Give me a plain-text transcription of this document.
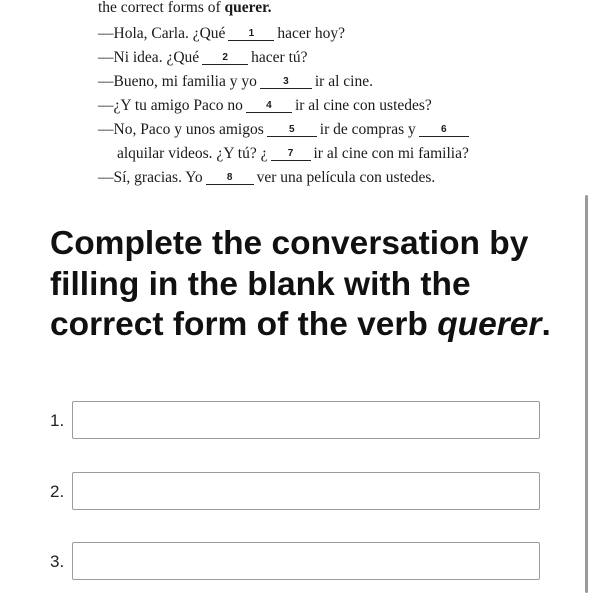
the correct forms of querer.
—Hola, Carla. ¿Qué 1 hacer hoy?
—Ni idea. ¿Qué 2 hacer tú?
—Bueno, mi familia y yo	3 ir al cine.
—¿Y tu amigo Paco no 4 ir al cine con ustedes?
—No, Paco y unos amigos	5 ir de compras y	6
alquilar videos. ¿Y tú? ¿ 7 ir al cine con mi familia?
—Sí, gracias. Yo 8 ver una película con ustedes.
Complete the conversation by filling in the blank with the correct form of the verb querer.
1.
2.
3.
